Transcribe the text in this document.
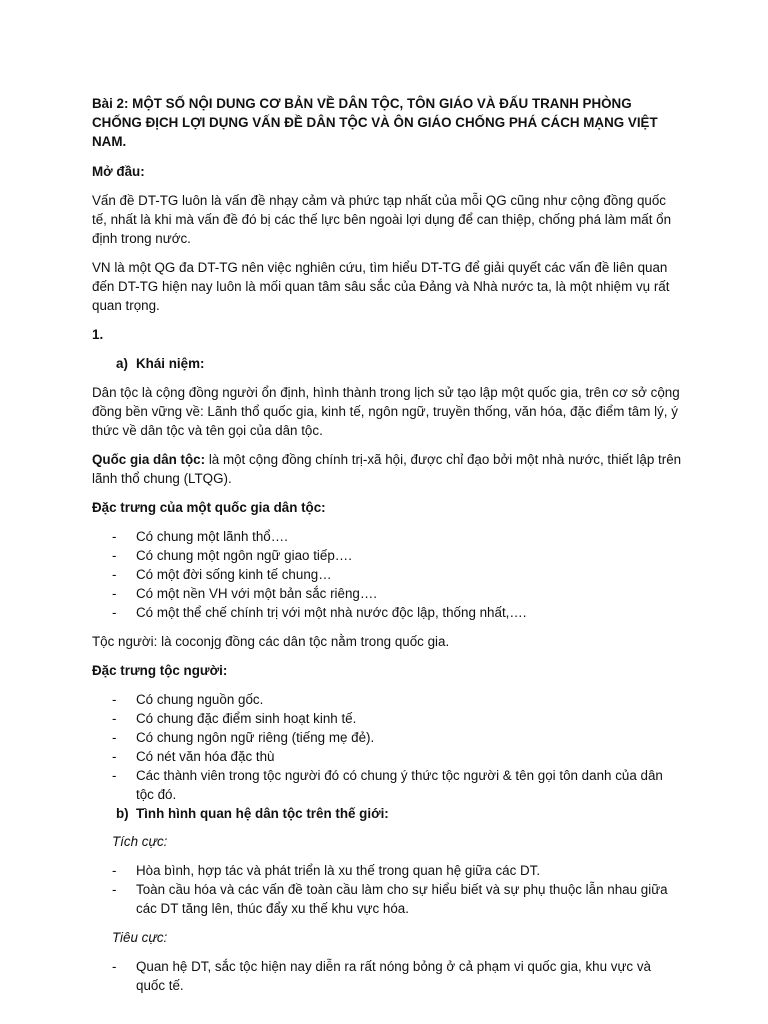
Bài 2: MỘT SỐ NỘI DUNG CƠ BẢN VỀ DÂN TỘC, TÔN GIÁO VÀ ĐẤU TRANH PHÒNG CHỐNG ĐỊCH LỢI DỤNG VẤN ĐỀ DÂN TỘC VÀ ÔN GIÁO CHỐNG PHÁ CÁCH MẠNG VIỆT NAM.

Mở đầu:

Vấn đề DT-TG luôn là vấn đề nhạy cảm và phức tạp nhất của mỗi QG cũng như cộng đồng quốc tế, nhất là khi mà vấn đề đó bị các thế lực bên ngoài lợi dụng để can thiệp, chống phá làm mất ổn định trong nước.

VN là một QG đa DT-TG nên việc nghiên cứu, tìm hiểu DT-TG để giải quyết các vấn đề liên quan đến DT-TG hiện nay luôn là mối quan tâm sâu sắc của Đảng và Nhà nước ta, là một nhiệm vụ rất quan trọng.

1.

a) Khái niệm:

Dân tộc là cộng đồng người ổn định, hình thành trong lịch sử tạo lập một quốc gia, trên cơ sở cộng đồng bền vững về: Lãnh thổ quốc gia, kinh tế, ngôn ngữ, truyền thống, văn hóa, đặc điểm tâm lý, ý thức về dân tộc và tên gọi của dân tộc.

Quốc gia dân tộc: là một cộng đồng chính trị-xã hội, được chỉ đạo bởi một nhà nước, thiết lập trên lãnh thổ chung (LTQG).

Đặc trưng của một quốc gia dân tộc:

-	Có chung một lãnh thổ….
-	Có chung một ngôn ngữ giao tiếp….
-	Có một đời sống kinh tế chung…
-	Có một nền VH với một bản sắc riêng….
-	Có một thể chế chính trị với một nhà nước độc lập, thống nhất,….

Tộc người: là coconjg đồng các dân tộc nằm trong quốc gia.

Đặc trưng tộc người:

-	Có chung nguồn gốc.
-	Có chung đặc điểm sinh hoạt kinh tế.
-	Có chung ngôn ngữ riêng (tiếng mẹ đẻ).
-	Có nét văn hóa đặc thù
-	Các thành viên trong tộc người đó có chung ý thức tộc người & tên gọi tôn danh của dân tộc đó.
b) Tình hình quan hệ dân tộc trên thế giới:

Tích cực:

-	Hòa bình, hợp tác và phát triển là xu thế trong quan hệ giữa các DT.
-	Toàn cầu hóa và các vấn đề toàn cầu làm cho sự hiểu biết và sự phụ thuộc lẫn nhau giữa các DT tăng lên, thúc đẩy xu thế khu vực hóa.

Tiêu cực:

-	Quan hệ DT, sắc tộc hiện nay diễn ra rất nóng bỏng ở cả phạm vi quốc gia, khu vực và quốc tế.
